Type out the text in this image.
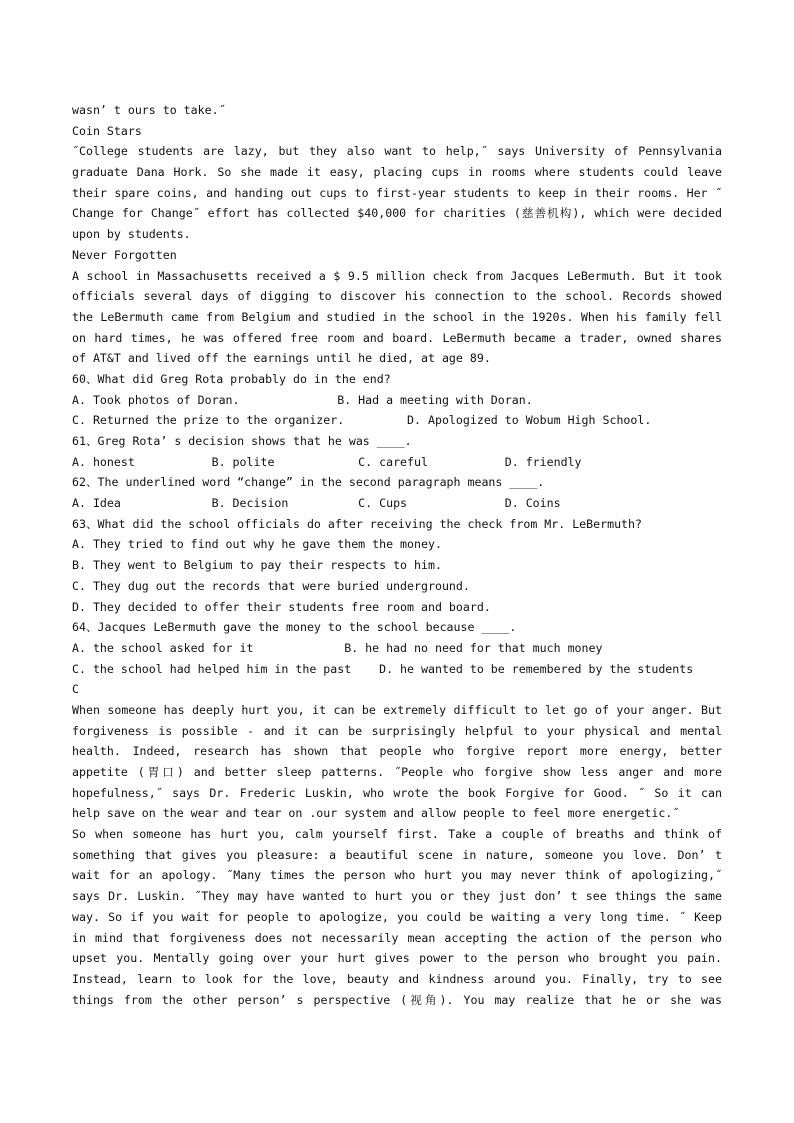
wasn’ t ours to take.˝
Coin Stars
˝College students are lazy, but they also want to help,˝ says University of Pennsylvania
graduate Dana Hork. So she made it easy, placing cups in rooms where students could leave
their spare coins, and handing out cups to first-year students to keep in their rooms. Her ˝
Change for Change˝ effort has collected $40,000 for charities (慈善机构), which were decided
upon by students.
Never Forgotten
A school in Massachusetts received a $ 9.5 million check from Jacques LeBermuth. But it took
officials several days of digging to discover his connection to the school. Records showed
the LeBermuth came from Belgium and studied in the school in the 1920s. When his family fell
on hard times, he was offered free room and board. LeBermuth became a trader, owned shares
of AT&T and lived off the earnings until he died, at age 89.
60、What did Greg Rota probably do in the end?
A. Took photos of Doran.              B. Had a meeting with Doran.
C. Returned the prize to the organizer.         D. Apologized to Wobum High School.
61、Greg Rota’ s decision shows that he was ____.
A. honest           B. polite            C. careful           D. friendly
62、The underlined word “change” in the second paragraph means ____.
A. Idea             B. Decision          C. Cups              D. Coins
63、What did the school officials do after receiving the check from Mr. LeBermuth?
A. They tried to find out why he gave them the money.
B. They went to Belgium to pay their respects to him.
C. They dug out the records that were buried underground.
D. They decided to offer their students free room and board.
64、Jacques LeBermuth gave the money to the school because ____.
A. the school asked for it             B. he had no need for that much money
C. the school had helped him in the past    D. he wanted to be remembered by the students
C
When someone has deeply hurt you, it can be extremely difficult to let go of your anger. But
forgiveness is possible - and it can be surprisingly helpful to your physical and mental
health. Indeed, research has shown that people who forgive report more energy, better
appetite (胃口) and better sleep patterns. ˝People who forgive show less anger and more
hopefulness,˝ says Dr. Frederic Luskin, who wrote the book Forgive for Good. ˝ So it can
help save on the wear and tear on .our system and allow people to feel more energetic.˝
So when someone has hurt you, calm yourself first. Take a couple of breaths and think of
something that gives you pleasure: a beautiful scene in nature, someone you love. Don’ t
wait for an apology. ˝Many times the person who hurt you may never think of apologizing,˝
says Dr. Luskin. ˝They may have wanted to hurt you or they just don’ t see things the same
way. So if you wait for people to apologize, you could be waiting a very long time. ˝ Keep
in mind that forgiveness does not necessarily mean accepting the action of the person who
upset you. Mentally going over your hurt gives power to the person who brought you pain.
Instead, learn to look for the love, beauty and kindness around you. Finally, try to see
things from the other person’ s perspective (视角). You may realize that he or she was
